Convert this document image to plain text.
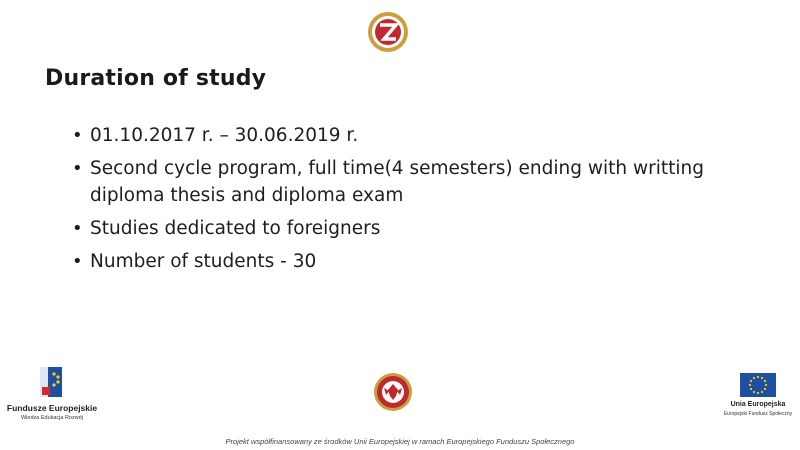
Duration of study
• 01.10.2017 r. – 30.06.2019 r.
• Second cycle program, full time(4 semesters) ending with writting diploma thesis and diploma exam
• Studies dedicated to foreigners
• Number of students - 30
Fundusze Europejskie
Wiedza Edukacja Rozwój
Unia Europejska
Europejski Fundusz Społeczny
Projekt współfinansowany ze środków Unii Europejskiej w ramach Europejskiego Funduszu Społecznego
